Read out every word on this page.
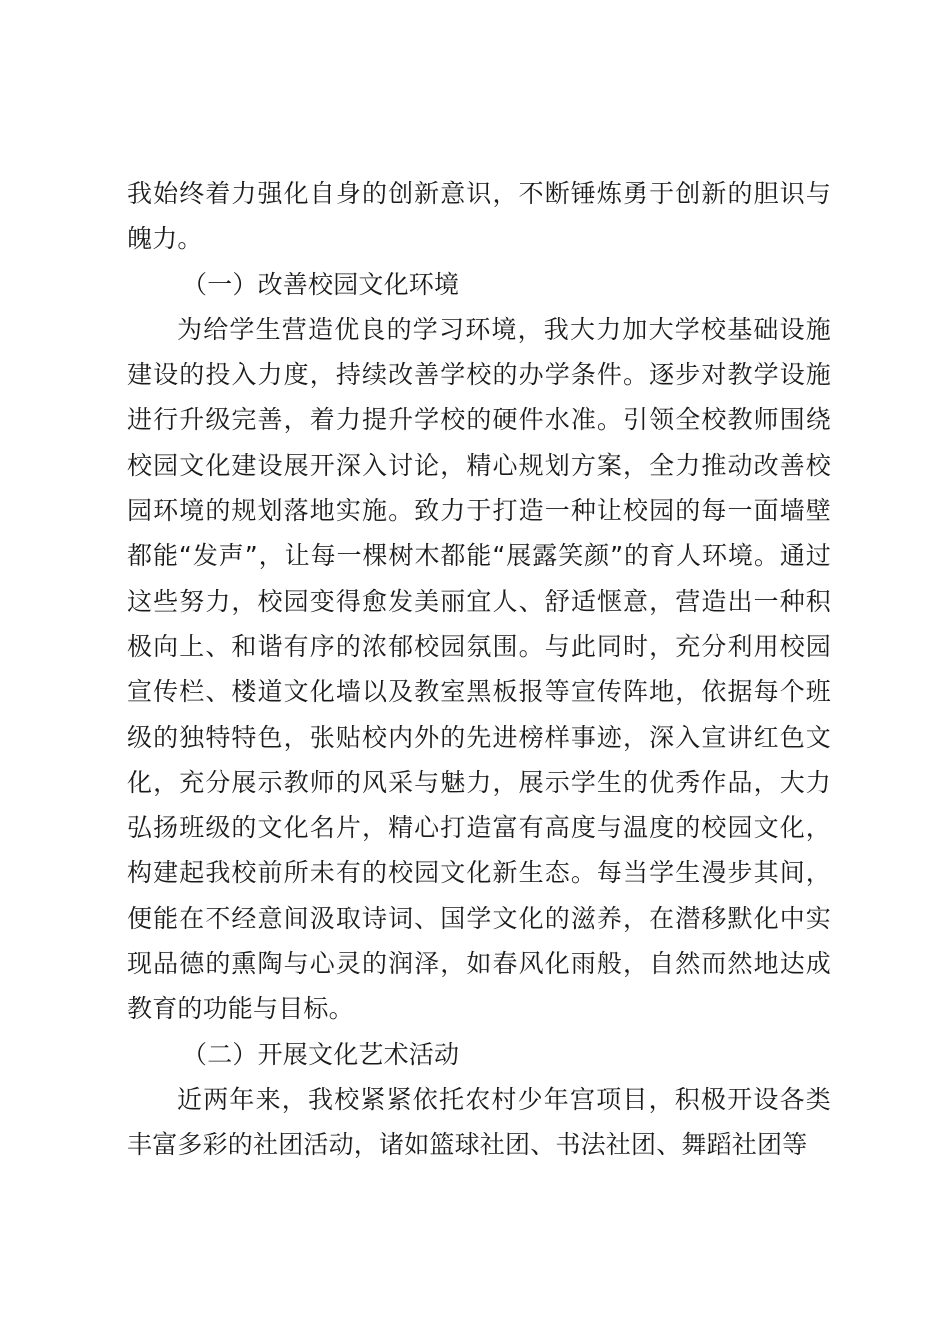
我始终着力强化自身的创新意识，不断锤炼勇于创新的胆识与魄力。

（一）改善校园文化环境

为给学生营造优良的学习环境，我大力加大学校基础设施建设的投入力度，持续改善学校的办学条件。逐步对教学设施进行升级完善，着力提升学校的硬件水准。引领全校教师围绕校园文化建设展开深入讨论，精心规划方案，全力推动改善校园环境的规划落地实施。致力于打造一种让校园的每一面墙壁都能“发声”，让每一棵树木都能“展露笑颜”的育人环境。通过这些努力，校园变得愈发美丽宜人、舒适惬意，营造出一种积极向上、和谐有序的浓郁校园氛围。与此同时，充分利用校园宣传栏、楼道文化墙以及教室黑板报等宣传阵地，依据每个班级的独特特色，张贴校内外的先进榜样事迹，深入宣讲红色文化，充分展示教师的风采与魅力，展示学生的优秀作品，大力弘扬班级的文化名片，精心打造富有高度与温度的校园文化，构建起我校前所未有的校园文化新生态。每当学生漫步其间，便能在不经意间汲取诗词、国学文化的滋养，在潜移默化中实现品德的熏陶与心灵的润泽，如春风化雨般，自然而然地达成教育的功能与目标。

（二）开展文化艺术活动

近两年来，我校紧紧依托农村少年宫项目，积极开设各类丰富多彩的社团活动，诸如篮球社团、书法社团、舞蹈社团等
